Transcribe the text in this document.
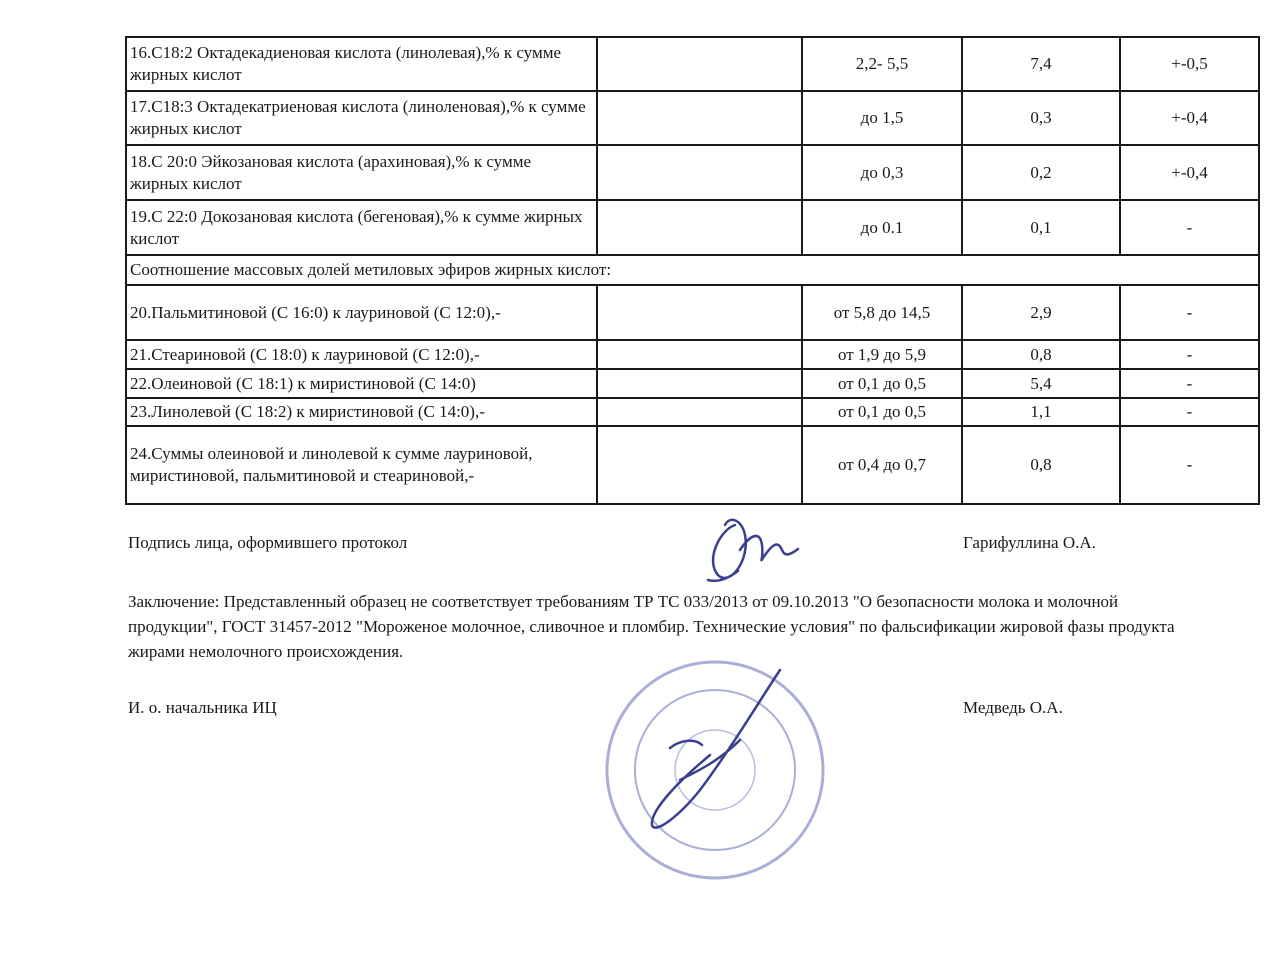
16.С18:2 Октадекадиеновая кислота (линолевая),% к сумме жирных кислот		2,2- 5,5	7,4	+-0,5
17.С18:3 Октадекатриеновая кислота (линоленовая),% к сумме жирных кислот		до 1,5	0,3	+-0,4
18.С 20:0 Эйкозановая кислота (арахиновая),% к сумме жирных кислот		до 0,3	0,2	+-0,4
19.С 22:0 Докозановая кислота (бегеновая),% к сумме жирных кислот		до 0.1	0,1	-
Соотношение массовых долей метиловых эфиров жирных кислот:				
20.Пальмитиновой (С 16:0) к лауриновой (С 12:0),-		от 5,8 до 14,5	2,9	-
21.Стеариновой (С 18:0) к лауриновой (С 12:0),-		от 1,9 до 5,9	0,8	-
22.Олеиновой (С 18:1) к миристиновой (С 14:0)		от 0,1 до 0,5	5,4	-
23.Линолевой (С 18:2) к миристиновой (С 14:0),-		от 0,1 до 0,5	1,1	-
24.Суммы олеиновой и линолевой к сумме лауриновой, миристиновой, пальмитиновой и стеариновой,-		от 0,4 до 0,7	0,8	-
Подпись лица, оформившего протокол	Гарифуллина О.А.
Заключение: Представленный образец не соответствует требованиям ТР ТС 033/2013 от 09.10.2013 "О безопасности молока и молочной продукции", ГОСТ 31457-2012 "Мороженое молочное, сливочное и пломбир. Технические условия" по фальсификации жировой фазы продукта жирами немолочного происхождения.
И. о. начальника ИЦ	Медведь О.А.
